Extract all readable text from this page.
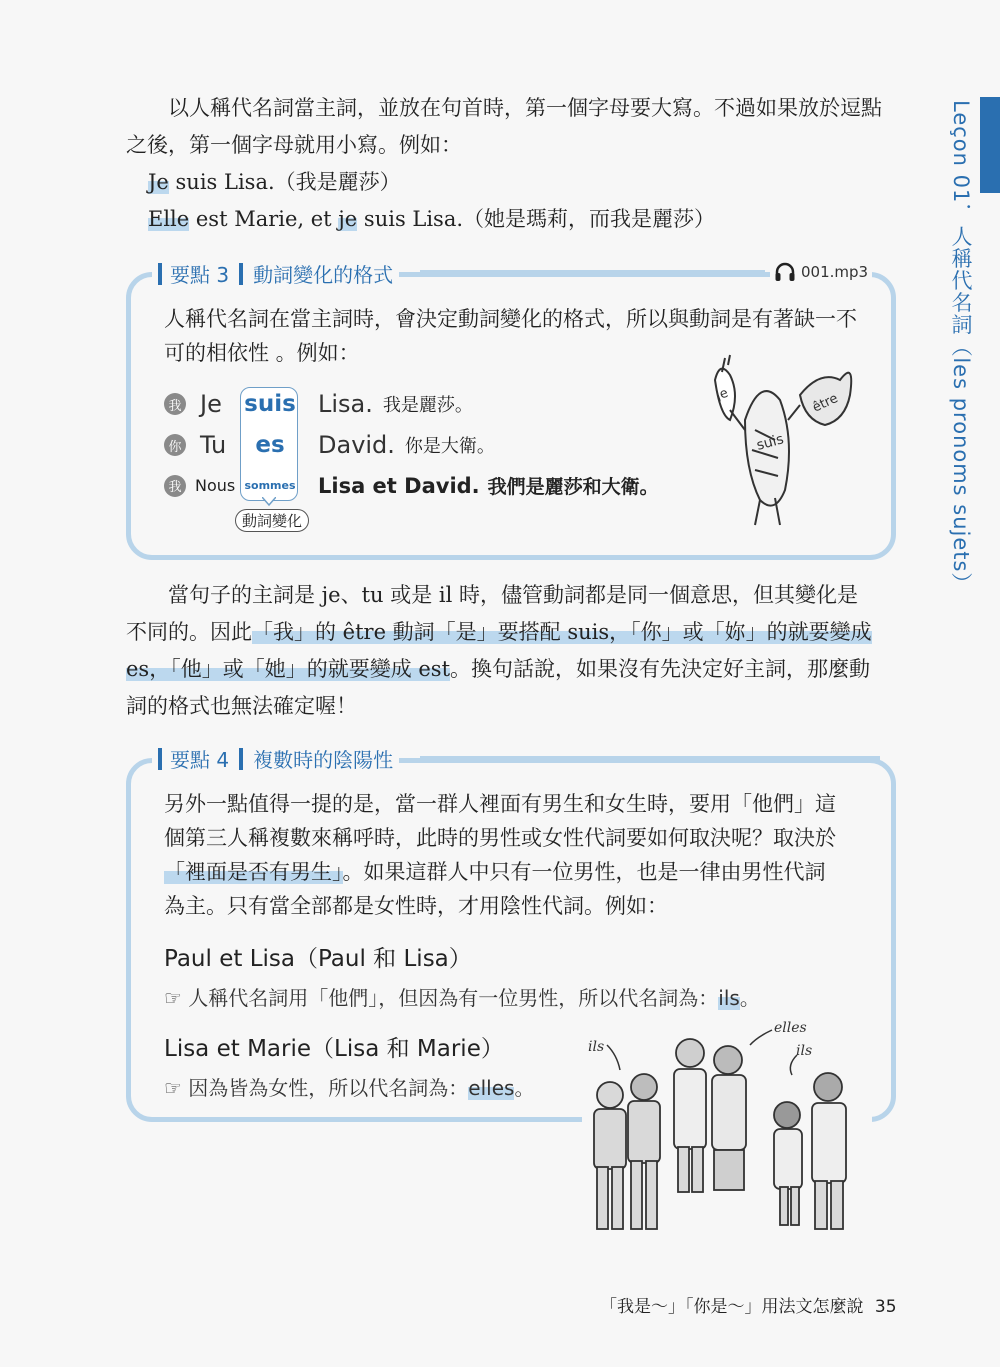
以人稱代名詞當主詞，並放在句首時，第一個字母要大寫。不過如果放於逗點之後，第一個字母就用小寫。例如：

Je suis Lisa.（我是麗莎）
Elle est Marie, et je suis Lisa.（她是瑪莉，而我是麗莎）	Leçon 01．人稱代名詞（les pronoms sujets）
要點 3 動詞變化的格式	001.mp3
人稱代名詞在當主詞時，會決定動詞變化的格式，所以與動詞是有著缺一不可的相依性 。例如：
我 Je suis Lisa. 我是麗莎。
你 Tu	es	David. 你是大衛。
我 Nous sommes Lisa et David. 我們是麗莎和大衛。
動詞變化
je
suis
être
當句子的主詞是 je、tu 或是 il 時，儘管動詞都是同一個意思，但其變化是
不同的。因此「我」的 être 動詞「是」要搭配 suis，「你」或「妳」的就要變成
es，「他」或「她」的就要變成 est。換句話說，如果沒有先決定好主詞，那麼動
詞的格式也無法確定喔！
要點 4 複數時的陰陽性
另外一點值得一提的是，當一群人裡面有男生和女生時，要用「他們」這
個第三人稱複數來稱呼時，此時的男性或女性代詞要如何取決呢？取決於
「裡面是否有男生」。如果這群人中只有一位男性，也是一律由男性代詞
為主。只有當全部都是女性時，才用陰性代詞。例如：
Paul et Lisa（Paul 和 Lisa）
☞ 人稱代名詞用「他們」，但因為有一位男性，所以代名詞為：ils。
Lisa et Marie（Lisa 和 Marie）
☞ 因為皆為女性，所以代名詞為：elles。
ils
elles
ils
「我是～」「你是～」用法文怎麼說 35
